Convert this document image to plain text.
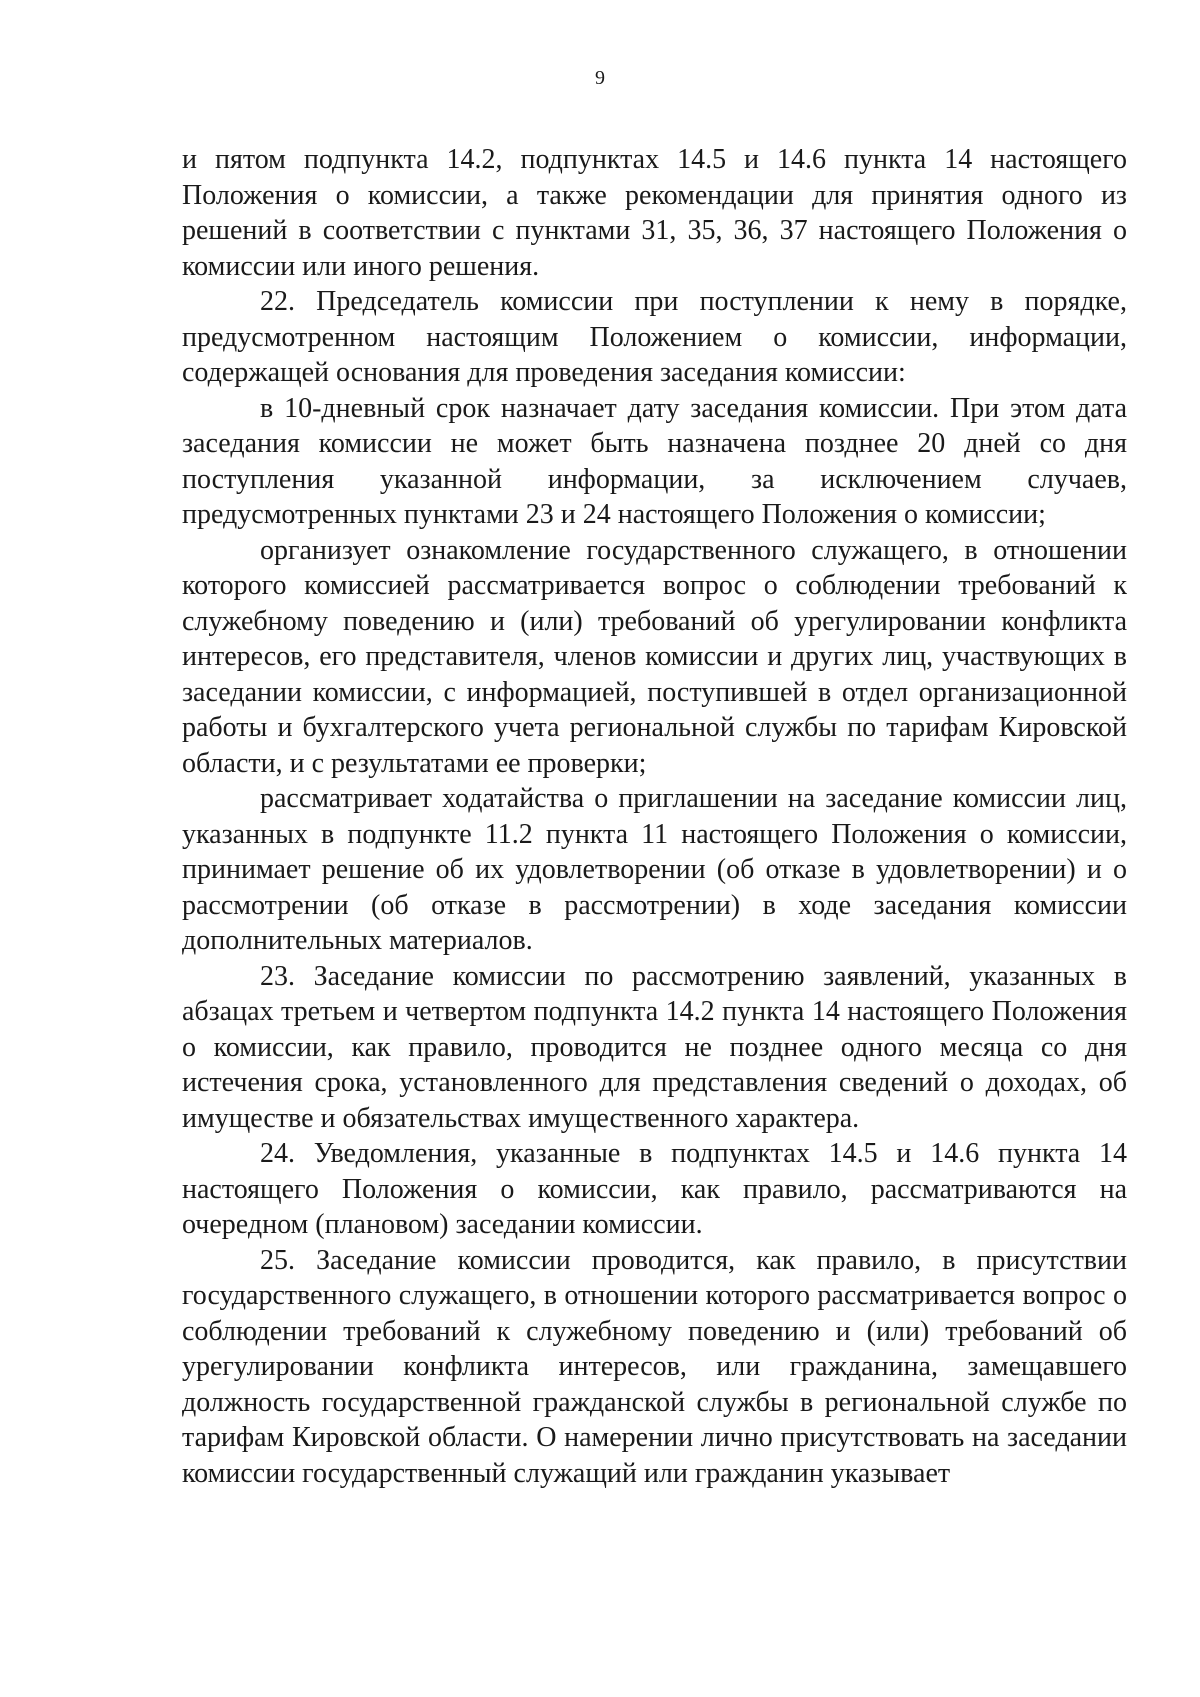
9

и пятом подпункта 14.2, подпунктах 14.5 и 14.6 пункта 14 настоящего Положения о комиссии, а также рекомендации для принятия одного из решений в соответствии с пунктами 31, 35, 36, 37 настоящего Положения о комиссии или иного решения.

22. Председатель комиссии при поступлении к нему в порядке, предусмотренном настоящим Положением о комиссии, информации, содержащей основания для проведения заседания комиссии:

в 10-дневный срок назначает дату заседания комиссии. При этом дата заседания комиссии не может быть назначена позднее 20 дней со дня поступления указанной информации, за исключением случаев, предусмотренных пунктами 23 и 24 настоящего Положения о комиссии;

организует ознакомление государственного служащего, в отношении которого комиссией рассматривается вопрос о соблюдении требований к служебному поведению и (или) требований об урегулировании конфликта интересов, его представителя, членов комиссии и других лиц, участвующих в заседании комиссии, с информацией, поступившей в отдел организационной работы и бухгалтерского учета региональной службы по тарифам Кировской области, и с результатами ее проверки;

рассматривает ходатайства о приглашении на заседание комиссии лиц, указанных в подпункте 11.2 пункта 11 настоящего Положения о комиссии, принимает решение об их удовлетворении (об отказе в удовлетворении) и о рассмотрении (об отказе в рассмотрении) в ходе заседания комиссии дополнительных материалов.

23. Заседание комиссии по рассмотрению заявлений, указанных в абзацах третьем и четвертом подпункта 14.2 пункта 14 настоящего Положения о комиссии, как правило, проводится не позднее одного месяца со дня истечения срока, установленного для представления сведений о доходах, об имуществе и обязательствах имущественного характера.

24. Уведомления, указанные в подпунктах 14.5 и 14.6 пункта 14 настоящего Положения о комиссии, как правило, рассматриваются на очередном (плановом) заседании комиссии.

25. Заседание комиссии проводится, как правило, в присутствии государственного служащего, в отношении которого рассматривается вопрос о соблюдении требований к служебному поведению и (или) требований об урегулировании конфликта интересов, или гражданина, замещавшего должность государственной гражданской службы в региональной службе по тарифам Кировской области. О намерении лично присутствовать на заседании комиссии государственный служащий или гражданин указывает
